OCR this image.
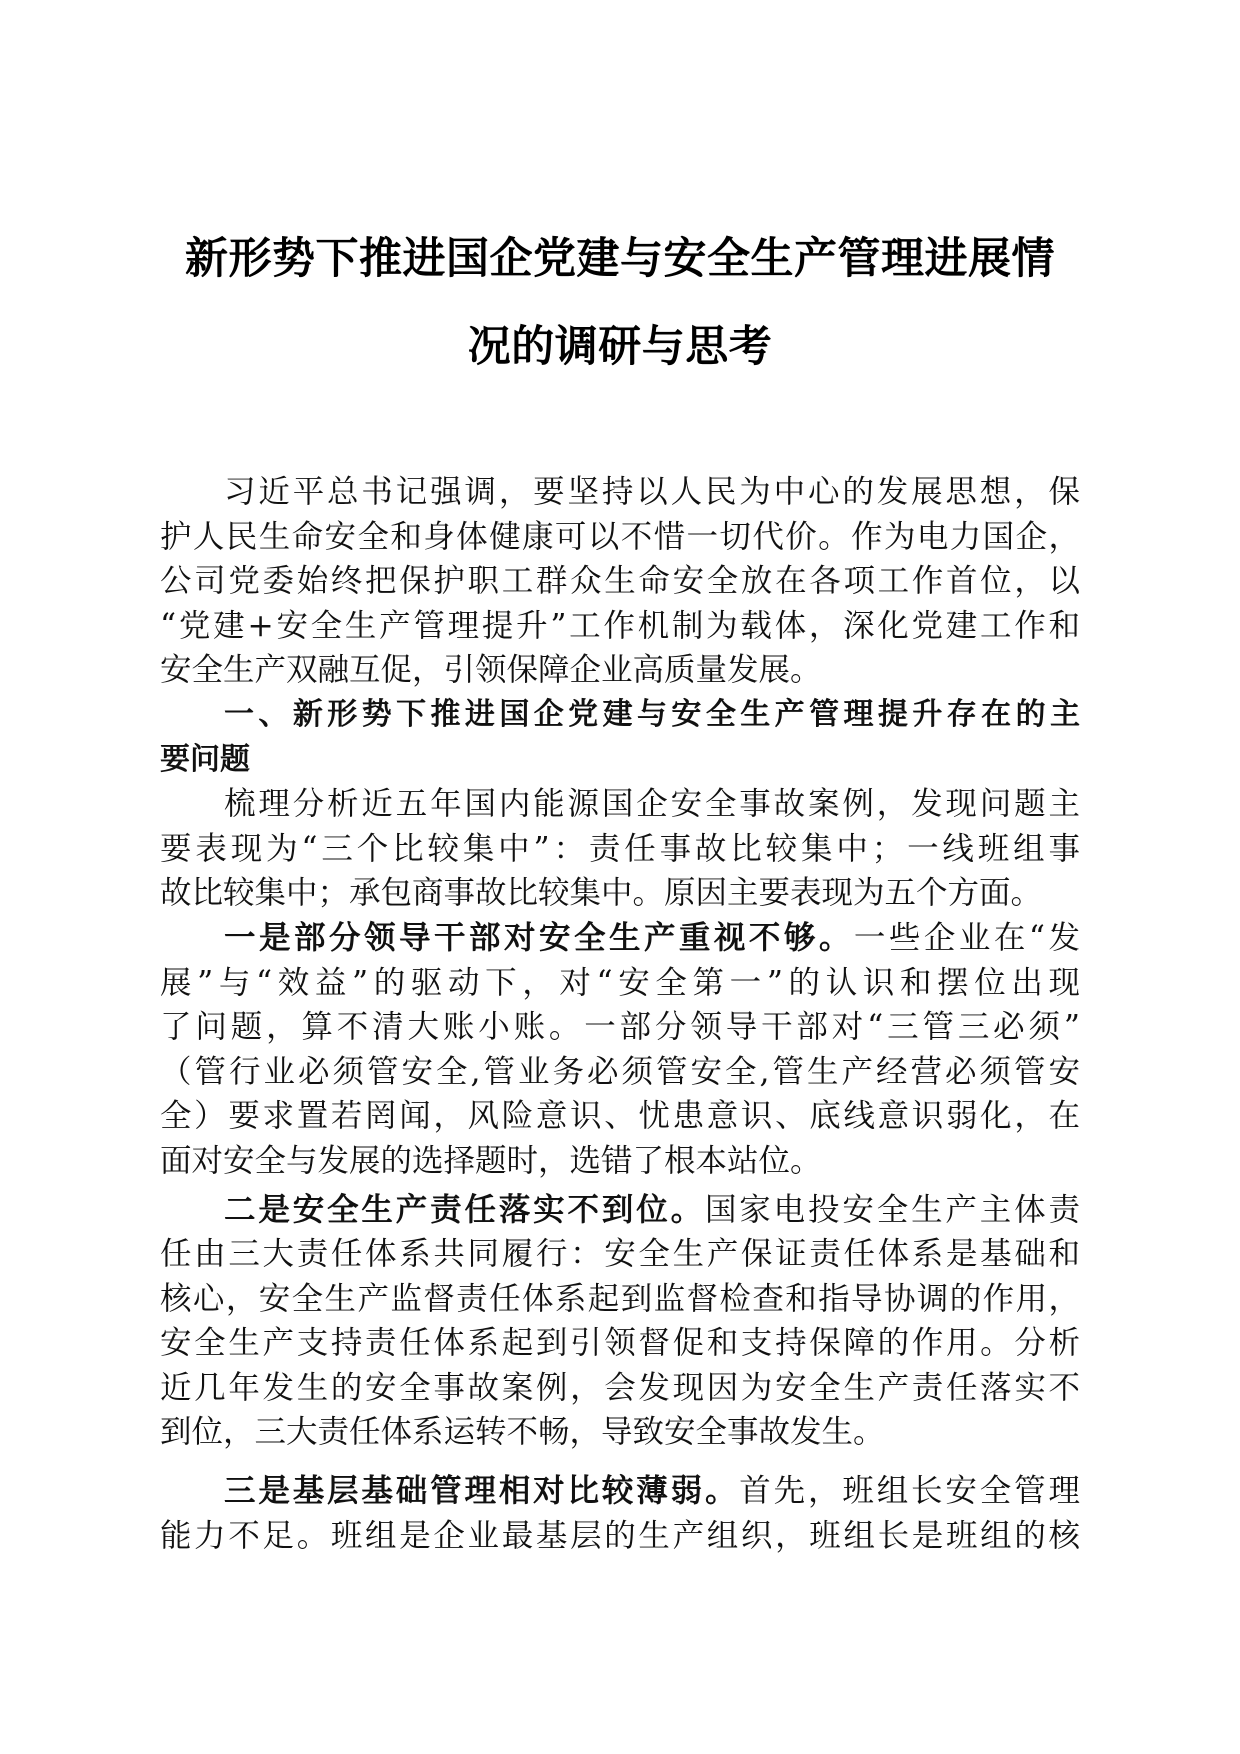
新形势下推进国企党建与安全生产管理进展情
况的调研与思考
习近平总书记强调，要坚持以人民为中心的发展思想，保
护人民生命安全和身体健康可以不惜一切代价。作为电力国企，
公司党委始终把保护职工群众生命安全放在各项工作首位，以
“党建+安全生产管理提升”工作机制为载体，深化党建工作和
安全生产双融互促，引领保障企业高质量发展。
一、新形势下推进国企党建与安全生产管理提升存在的主
要问题
梳理分析近五年国内能源国企安全事故案例，发现问题主
要表现为“三个比较集中”：责任事故比较集中；一线班组事
故比较集中；承包商事故比较集中。原因主要表现为五个方面。
一是部分领导干部对安全生产重视不够。一些企业在“发
展”与“效益”的驱动下，对“安全第一”的认识和摆位出现
了问题，算不清大账小账。一部分领导干部对“三管三必须”
（管行业必须管安全,管业务必须管安全,管生产经营必须管安
全）要求置若罔闻，风险意识、忧患意识、底线意识弱化，在
面对安全与发展的选择题时，选错了根本站位。
二是安全生产责任落实不到位。国家电投安全生产主体责
任由三大责任体系共同履行：安全生产保证责任体系是基础和
核心，安全生产监督责任体系起到监督检查和指导协调的作用，
安全生产支持责任体系起到引领督促和支持保障的作用。分析
近几年发生的安全事故案例，会发现因为安全生产责任落实不
到位，三大责任体系运转不畅，导致安全事故发生。
三是基层基础管理相对比较薄弱。首先，班组长安全管理
能力不足。班组是企业最基层的生产组织，班组长是班组的核
